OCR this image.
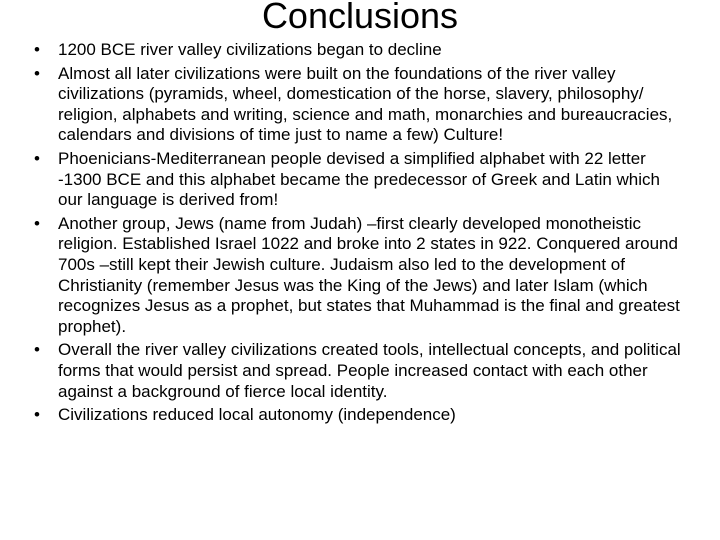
Conclusions
• 1200 BCE river valley civilizations began to decline
• Almost all later civilizations were built on the foundations of the river valley civilizations (pyramids, wheel, domestication of the horse, slavery, philosophy/ religion, alphabets and writing, science and math, monarchies and bureaucracies, calendars and divisions of time just to name a few) Culture!
• Phoenicians-Mediterranean people devised a simplified alphabet with 22 letter -1300 BCE and this alphabet became the predecessor of Greek and Latin which our language is derived from!
• Another group, Jews (name from Judah) –first clearly developed monotheistic religion. Established Israel 1022 and broke into 2 states in 922. Conquered around 700s –still kept their Jewish culture. Judaism also led to the development of Christianity (remember Jesus was the King of the Jews) and later Islam (which recognizes Jesus as a prophet, but states that Muhammad is the final and greatest prophet).
• Overall the river valley civilizations created tools, intellectual concepts, and political forms that would persist and spread. People increased contact with each other against a background of fierce local identity.
• Civilizations reduced local autonomy (independence)
